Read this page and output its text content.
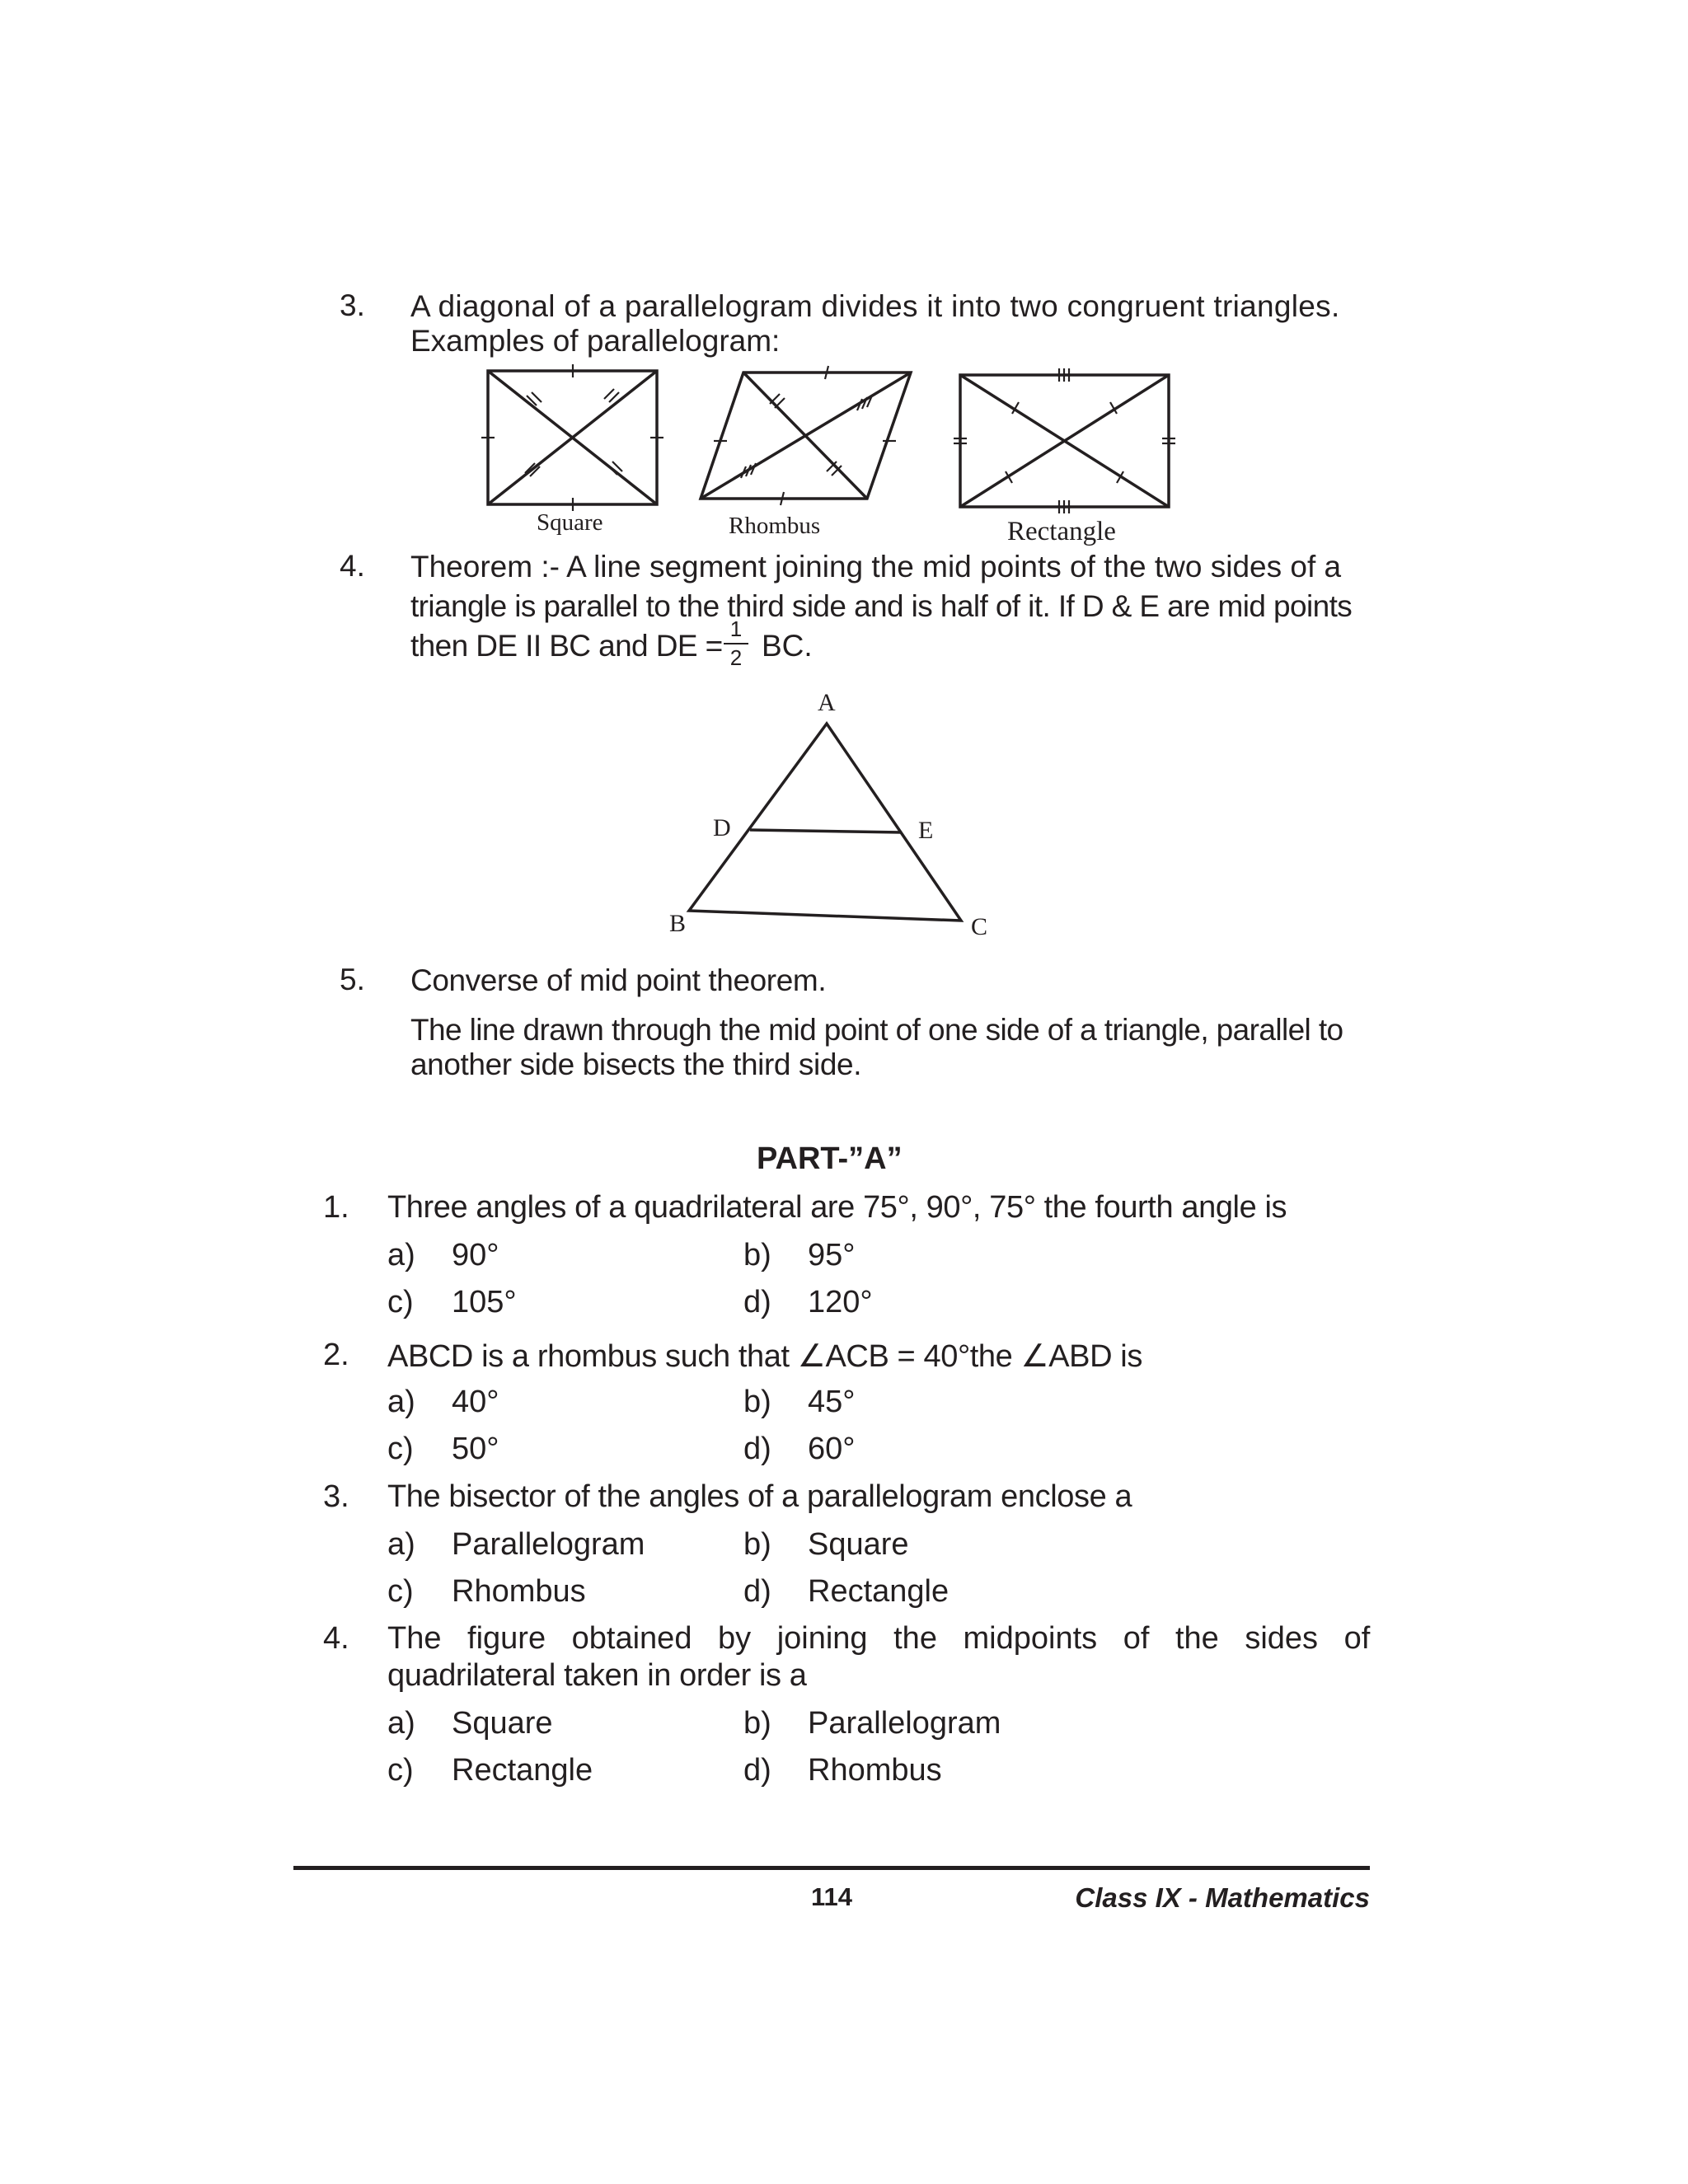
3. A diagonal of a parallelogram divides it into two congruent triangles.
Examples of parallelogram:
Square	Rhombus	Rectangle
4. Theorem :- A line segment joining the mid points of the two sides of a
triangle is parallel to the third side and is half of it. If D & E are mid points
then DE II BC and DE = 1
2 BC.
A
D	E
B	C
5. Converse of mid point theorem.
The line drawn through the mid point of one side of a triangle, parallel to
another side bisects the third side.
PART-”A”
1. Three angles of a quadrilateral are 75°, 90°, 75° the fourth angle is
a) 90°	b) 95°
c) 105°	d) 120°
2. ABCD is a rhombus such that ∠ACB = 40°the ∠ABD is
a) 40°	b) 45°
c) 50°	d) 60°
3. The bisector of the angles of a parallelogram enclose a
a) Parallelogram	b) Square
c) Rhombus	d) Rectangle
4. The figure obtained by joining the midpoints of the sides of
quadrilateral taken in order is a
a) Square	b) Parallelogram
c) Rectangle	d) Rhombus
114	Class IX - Mathematics
